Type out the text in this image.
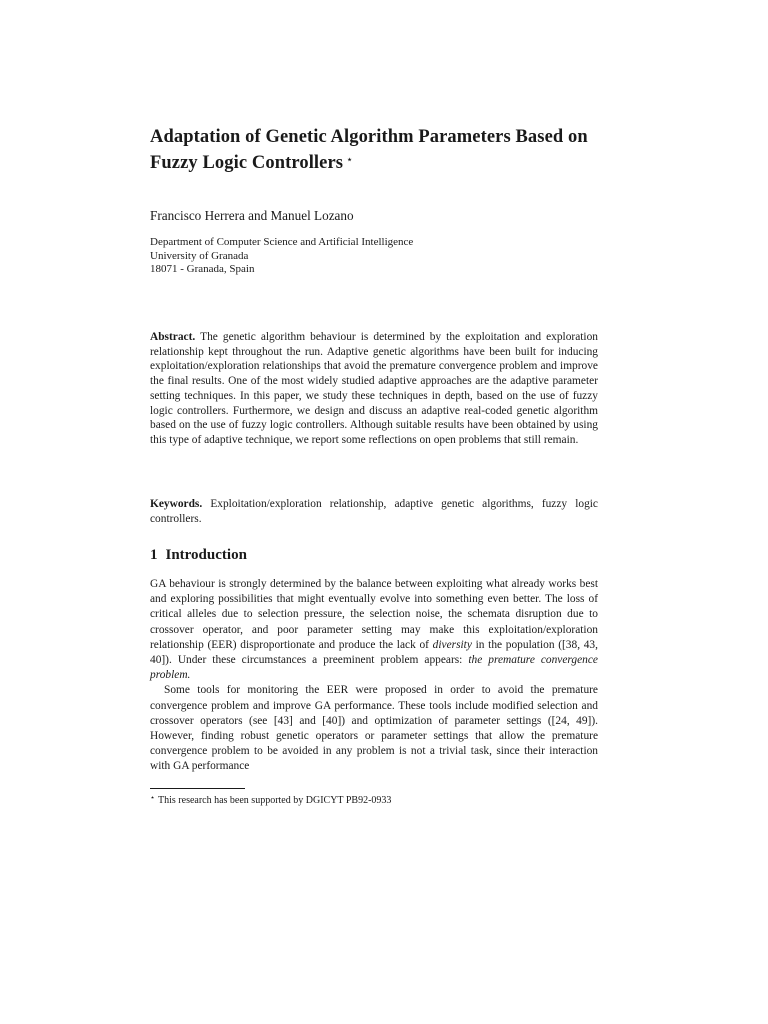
Adaptation of Genetic Algorithm Parameters Based on Fuzzy Logic Controllers ⋆

Francisco Herrera and Manuel Lozano

Department of Computer Science and Artificial Intelligence
University of Granada
18071 - Granada, Spain

Abstract. The genetic algorithm behaviour is determined by the exploitation and exploration relationship kept throughout the run. Adaptive genetic algorithms have been built for inducing exploitation/exploration relationships that avoid the premature convergence problem and improve the final results. One of the most widely studied adaptive approaches are the adaptive parameter setting techniques. In this paper, we study these techniques in depth, based on the use of fuzzy logic controllers. Furthermore, we design and discuss an adaptive real-coded genetic algorithm based on the use of fuzzy logic controllers. Although suitable results have been obtained by using this type of adaptive technique, we report some reflections on open problems that still remain.

Keywords. Exploitation/exploration relationship, adaptive genetic algorithms, fuzzy logic controllers.

1 Introduction

GA behaviour is strongly determined by the balance between exploiting what already works best and exploring possibilities that might eventually evolve into something even better. The loss of critical alleles due to selection pressure, the selection noise, the schemata disruption due to crossover operator, and poor parameter setting may make this exploitation/exploration relationship (EER) disproportionate and produce the lack of diversity in the population ([38, 43, 40]). Under these circumstances a preeminent problem appears: the premature convergence problem.

Some tools for monitoring the EER were proposed in order to avoid the premature convergence problem and improve GA performance. These tools include modified selection and crossover operators (see [43] and [40]) and optimization of parameter settings ([24, 49]). However, finding robust genetic operators or parameter settings that allow the premature convergence problem to be avoided in any problem is not a trivial task, since their interaction with GA performance

⋆ This research has been supported by DGICYT PB92-0933
